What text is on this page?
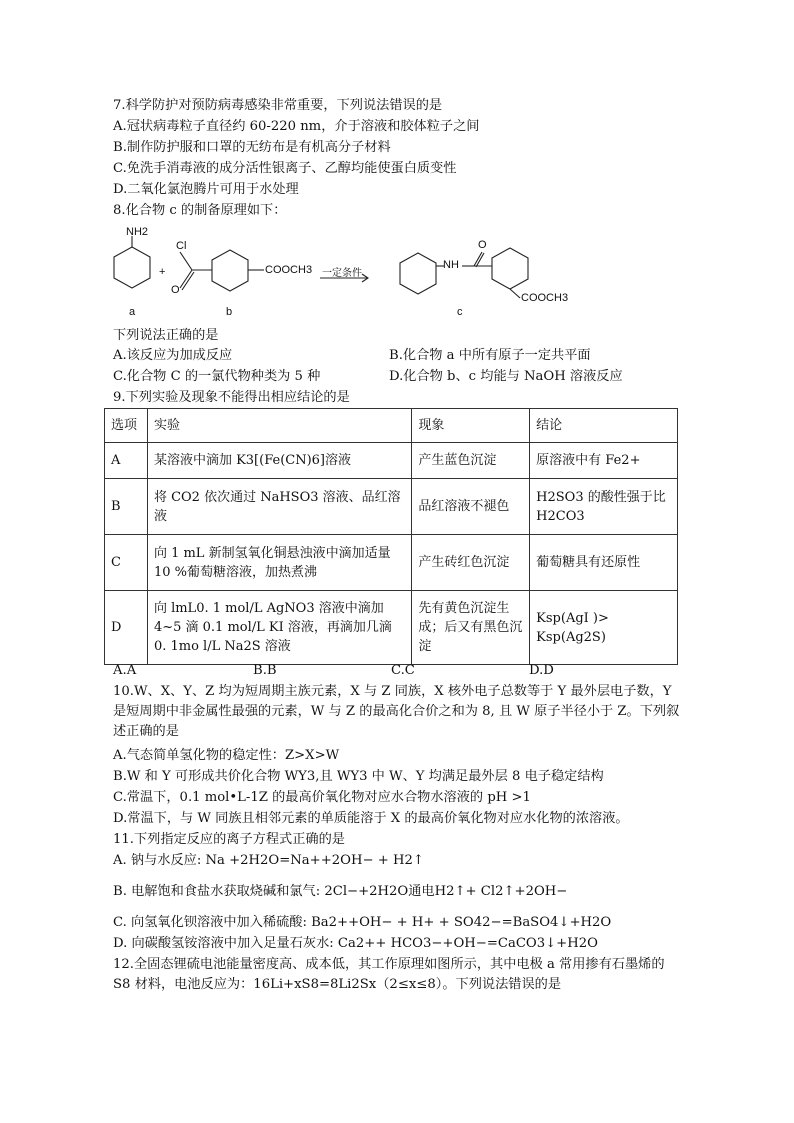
7.科学防护对预防病毒感染非常重要，下列说法错误的是
A.冠状病毒粒子直径约 60-220 nm，介于溶液和胶体粒子之间
B.制作防护服和口罩的无纺布是有机高分子材料
C.免洗手消毒液的成分活性银离子、乙醇均能使蛋白质变性
D.二氧化氯泡腾片可用于水处理
8.化合物 c 的制备原理如下：
NH2
+
Cl
O
COOCH3 一定条件
NH
O
COOCH3
a	b	c
下列说法正确的是
A.该反应为加成反应	B.化合物 a 中所有原子一定共平面
C.化合物 C 的一氯代物种类为 5 种	D.化合物 b、c 均能与 NaOH 溶液反应
9.下列实验及现象不能得出相应结论的是
选项	实验	现象	结论
A	某溶液中滴加 K3[(Fe(CN)6]溶液	产生蓝色沉淀	原溶液中有 Fe2+
B	将 CO2 依次通过 NaHSO3 溶液、品红溶液	品红溶液不褪色	H2SO3 的酸性强于比 H2CO3
C	向 1 mL 新制氢氧化铜悬浊液中滴加适量 10 %葡萄糖溶液，加热煮沸	产生砖红色沉淀	葡萄糖具有还原性
D	向 lmL0. 1 mol/L AgNO3 溶液中滴加 4~5 滴 0.1 mol/L KI 溶液，再滴加几滴 0. 1mo l/L Na2S 溶液	先有黄色沉淀生成；后又有黑色沉淀	Ksp(AgI )> Ksp(Ag2S)
A.A	B.B	C.C	D.D
10.W、X、Y、Z 均为短周期主族元素，X 与 Z 同族，X 核外电子总数等于 Y 最外层电子数，Y 是短周期中非金属性最强的元素，W 与 Z 的最高化合价之和为 8, 且 W 原子半径小于 Z。下列叙述正确的是
A.气态简单氢化物的稳定性：Z>X>W
B.W 和 Y 可形成共价化合物 WY3,且 WY3 中 W、Y 均满足最外层 8 电子稳定结构
C.常温下，0.1 mol•L-1Z 的最高价氧化物对应水合物水溶液的 pH >1
D.常温下，与 W 同族且相邻元素的单质能溶于 X 的最高价氧化物对应水化物的浓溶液。
11.下列指定反应的离子方程式正确的是
A. 钠与水反应: Na +2H2O=Na++2OH− + H2↑
B. 电解饱和食盐水获取烧碱和氯气: 2Cl−+2H2O通电H2↑+ Cl2↑+2OH−
C. 向氢氧化钡溶液中加入稀硫酸: Ba2++OH− + H+ + SO42−=BaSO4↓+H2O
D. 向碳酸氢铵溶液中加入足量石灰水: Ca2++ HCO3−+OH−=CaCO3↓+H2O
12.全固态锂硫电池能量密度高、成本低，其工作原理如图所示，其中电极 a 常用掺有石墨烯的 S8 材料，电池反应为：16Li+xS8=8Li2Sx（2≤x≤8）。下列说法错误的是
